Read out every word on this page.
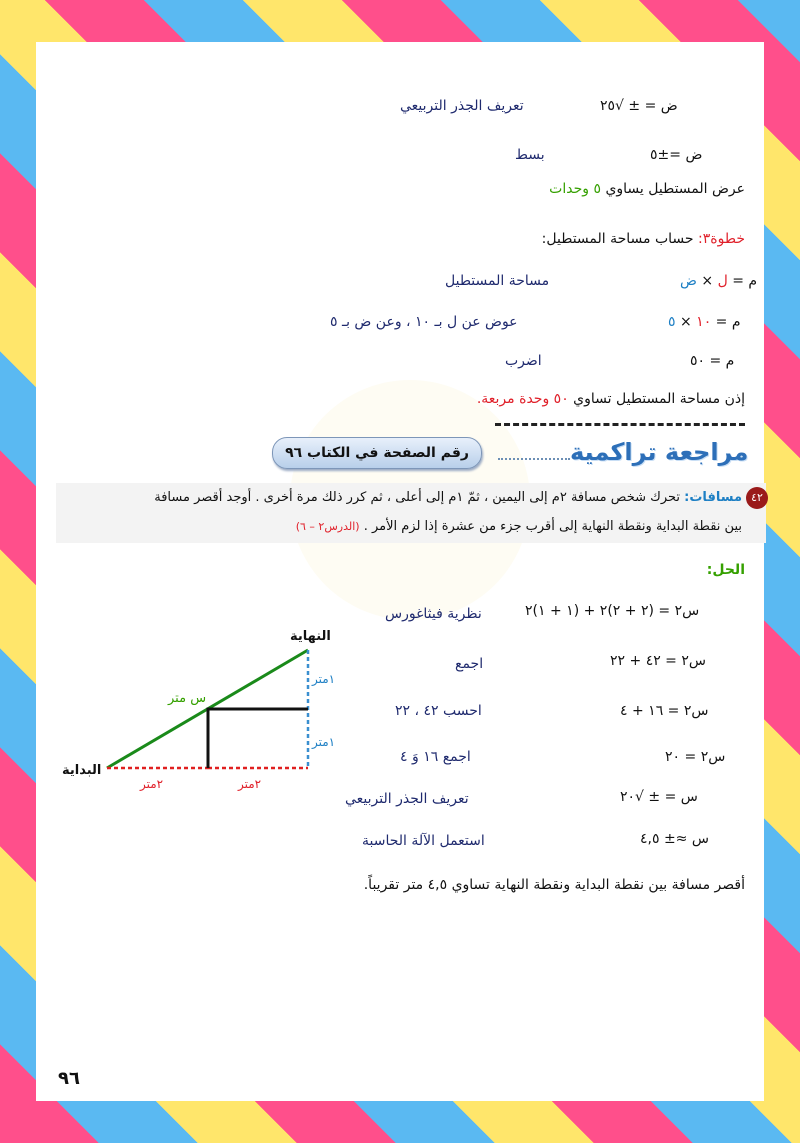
ض = ± √٢٥
تعريف الجذر التربيعي
ض =±٥
بسط
عرض المستطيل يساوي ٥ وحدات
خطوة٣: حساب مساحة المستطيل:
م = ل × ض
مساحة المستطيل
م = ١٠ × ٥
عوض عن ل بـ ١٠ ، وعن ض بـ ٥
م = ٥٠
اضرب
إذن مساحة المستطيل تساوي ٥٠ وحدة مربعة.
مراجعة تراكمية
رقم الصفحة في الكتاب ٩٦
٤٢
مسافات: تحرك شخص مسافة ٢م إلى اليمين ، ثمّ ١م إلى أعلى ، ثم كرر ذلك مرة أخرى . أوجد أقصر مسافة
بين نقطة البداية ونقطة النهاية إلى أقرب جزء من عشرة إذا لزم الأمر . (الدرس٢ – ٦)
الحل:
س٢ = (٢ + ٢)٢ + (١ + ١)٢
نظرية فيثاغورس
س٢ = ٤٢ + ٢٢
اجمع
س٢ = ١٦ + ٤
احسب ٤٢ ، ٢٢
س٢ = ٢٠
اجمع ١٦ وَ ٤
س = ± √٢٠
تعريف الجذر التربيعي
س ≈± ٤,٥
استعمل الآلة الحاسبة
أقصر مسافة بين نقطة البداية ونقطة النهاية تساوي ٤,٥ متر تقريباً.
النهاية
البداية
س متر
١متر
١متر
٢متر	٢متر
٩٦
